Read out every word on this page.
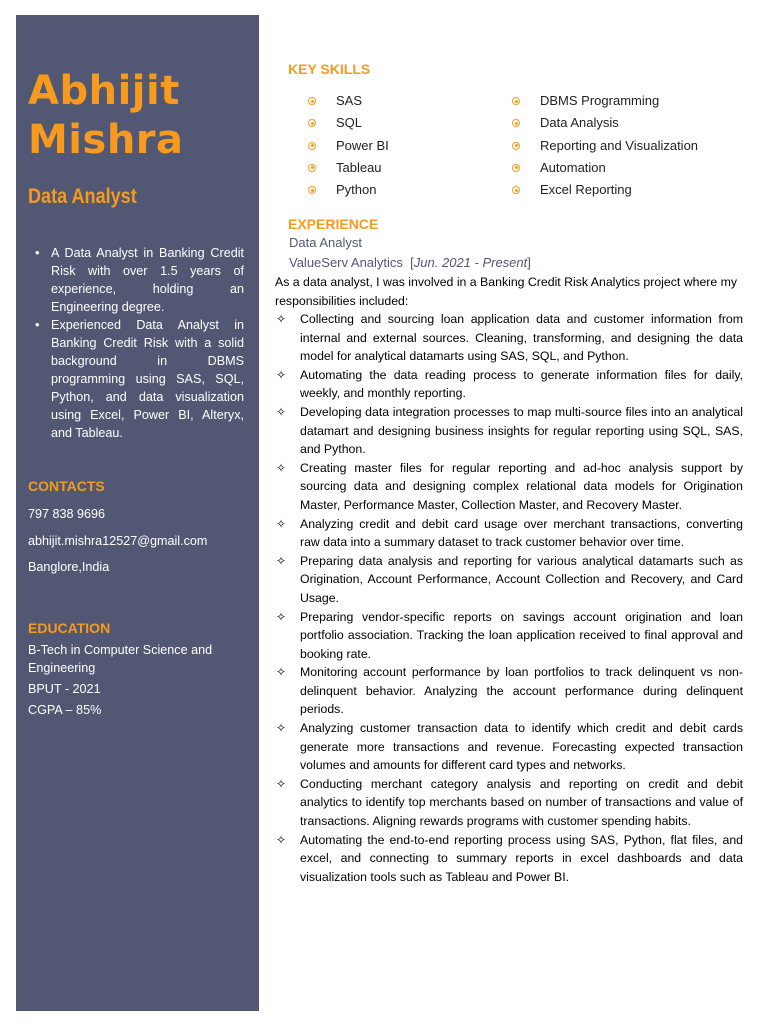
Abhijit
Mishra
Data Analyst
• A Data Analyst in Banking Credit Risk with over 1.5 years of experience, holding an Engineering degree.
• Experienced Data Analyst in Banking Credit Risk with a solid background in DBMS programming using SAS, SQL, Python, and data visualization using Excel, Power BI, Alteryx, and Tableau.
CONTACTS
797 838 9696
abhijit.mishra12527@gmail.com
Banglore,India
EDUCATION
B-Tech in Computer Science and Engineering
BPUT - 2021
CGPA – 85%
KEY SKILLS
SAS
SQL
Power BI
Tableau
Python
DBMS Programming
Data Analysis
Reporting and Visualization
Automation
Excel Reporting
EXPERIENCE
Data Analyst
ValueServ Analytics [Jun. 2021 - Present]
As a data analyst, I was involved in a Banking Credit Risk Analytics project where my responsibilities included:
✧ Collecting and sourcing loan application data and customer information from internal and external sources. Cleaning, transforming, and designing the data model for analytical datamarts using SAS, SQL, and Python.
✧ Automating the data reading process to generate information files for daily, weekly, and monthly reporting.
✧ Developing data integration processes to map multi-source files into an analytical datamart and designing business insights for regular reporting using SQL, SAS, and Python.
✧ Creating master files for regular reporting and ad-hoc analysis support by sourcing data and designing complex relational data models for Origination Master, Performance Master, Collection Master, and Recovery Master.
✧ Analyzing credit and debit card usage over merchant transactions, converting raw data into a summary dataset to track customer behavior over time.
✧ Preparing data analysis and reporting for various analytical datamarts such as Origination, Account Performance, Account Collection and Recovery, and Card Usage.
✧ Preparing vendor-specific reports on savings account origination and loan portfolio association. Tracking the loan application received to final approval and booking rate.
✧ Monitoring account performance by loan portfolios to track delinquent vs non-delinquent behavior. Analyzing the account performance during delinquent periods.
✧ Analyzing customer transaction data to identify which credit and debit cards generate more transactions and revenue. Forecasting expected transaction volumes and amounts for different card types and networks.
✧ Conducting merchant category analysis and reporting on credit and debit analytics to identify top merchants based on number of transactions and value of transactions. Aligning rewards programs with customer spending habits.
✧ Automating the end-to-end reporting process using SAS, Python, flat files, and excel, and connecting to summary reports in excel dashboards and data visualization tools such as Tableau and Power BI.
